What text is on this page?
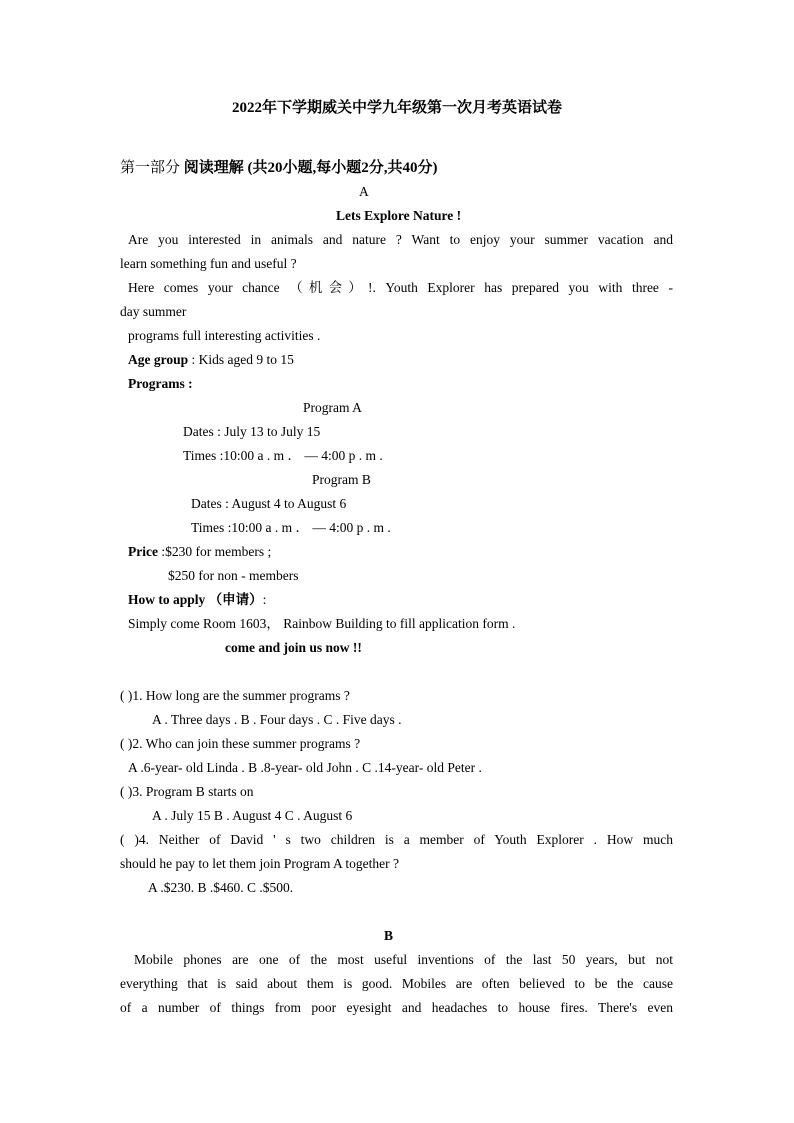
2022年下学期威关中学九年级第一次月考英语试卷
第一部分 阅读理解 (共20小题,每小题2分,共40分)
A
Lets Explore Nature !
Are you interested in animals and nature ? Want to enjoy your summer vacation and
learn something fun and useful ?
Here comes your chance （机会）!. Youth Explorer has prepared you with three -
day summer
programs full interesting activities .
Age group : Kids aged 9 to 15
Programs :
Program A
Dates : July 13 to July 15
Times :10:00 a . m ． — 4:00 p . m .
Program B
Dates : August 4 to August 6
Times :10:00 a . m ． — 4:00 p . m .
Price :$230 for members ;
$250 for non - members
How to apply （申请）:
Simply come Room 1603， Rainbow Building to fill application form .
come and join us now !!
( )1. How long are the summer programs ?
A . Three days . B . Four days . C . Five days .
( )2. Who can join these summer programs ?
A .6-year- old Linda . B .8-year- old John . C .14-year- old Peter .
( )3. Program B starts on
A . July 15 B . August 4 C . August 6
( )4. Neither of David ' s two children is a member of Youth Explorer . How much
should he pay to let them join Program A together ?
A .$230. B .$460. C .$500.
B
Mobile phones are one of the most useful inventions of the last 50 years, but not
everything that is said about them is good. Mobiles are often believed to be the cause
of a number of things from poor eyesight and headaches to house fires. There's even
